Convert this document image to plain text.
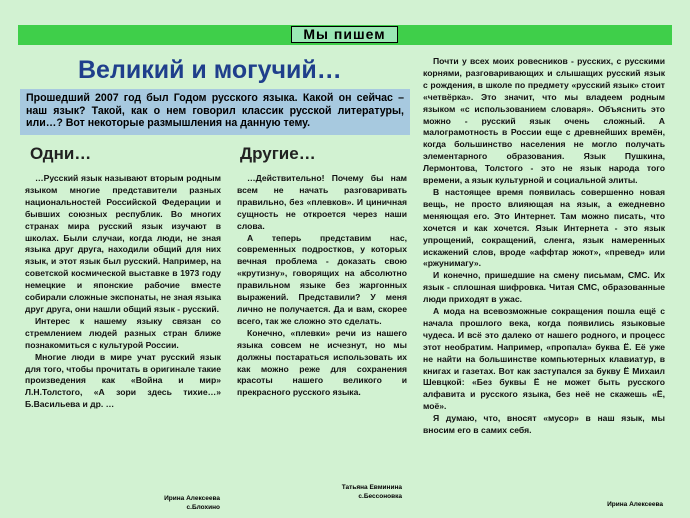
Мы пишем
Великий и могучий…
Прошедший 2007 год был Годом русского языка. Какой он сейчас – наш язык? Такой, как о нем говорил классик русской литературы, или…? Вот некоторые размышления на данную тему.
Одни…	Другие…

…Русский язык называют вторым родным языком многие представители разных национальностей Российской Федерации и бывших союзных республик. Во многих странах мира русский язык изучают в школах. Были случаи, когда люди, не зная языка друг друга, находили общий для них язык, и этот язык был русский. Например, на советской космической выставке в 1973 году немецкие и японские рабочие вместе собирали сложные экспонаты, не зная языка друг друга, они нашли общий язык - русский.

Интерес к нашему языку связан со стремлением людей разных стран ближе познакомиться с культурой России.

Многие люди в мире учат русский язык для того, чтобы прочитать в оригинале такие произведения как «Война и мир» Л.Н.Толстого, «А зори здесь тихие…» Б.Васильева и др. …

Ирина Алексеева
с.Блохино

…Действительно! Почему бы нам всем не начать разговаривать правильно, без «плевков». И циничная сущность не откроется через наши слова.

А теперь представим нас, современных подростков, у которых вечная проблема - доказать свою «крутизну», говорящих на абсолютно правильном языке без жаргонных выражений. Представили? У меня лично не получается. Да и вам, скорее всего, так же сложно это сделать.

Конечно, «плевки» речи из нашего языка совсем не исчезнут, но мы должны постараться использовать их как можно реже для сохранения красоты нашего великого и прекрасного русского языка.

Татьяна Евминина
с.Бессоновка

Почти у всех моих ровесников - русских, с русскими корнями, разговаривающих и слышащих русский язык с рождения, в школе по предмету «русский язык» стоит «четвёрка». Это значит, что мы владеем родным языком «с использованием словаря». Объяснить это можно - русский язык очень сложный. А малограмотность в России еще с древнейших времён, когда большинство населения не могло получать элементарного образования. Язык Пушкина, Лермонтова, Толстого - это не язык народа того времени, а язык культурной и социальной элиты.

В настоящее время появилась совершенно новая вещь, не просто влияющая на язык, а ежедневно меняющая его. Это Интернет. Там можно писать, что хочется и как хочется. Язык Интернета - это язык упрощений, сокращений, сленга, язык намеренных искажений слов, вроде «аффтар жжот», «превед» или «ржунимагу».

И конечно, пришедшие на смену письмам, СМС. Их язык - сплошная шифровка. Читая СМС, образованные люди приходят в ужас.

А мода на всевозможные сокращения пошла ещё с начала прошлого века, когда появились языковые чудеса. И всё это далеко от нашего родного, и процесс этот необратим. Например, «пропала» буква Ё. Её уже не найти на большинстве компьютерных клавиатур, в книгах и газетах. Вот как заступался за букву Ё Михаил Шевцкой: «Без буквы Ё не может быть русского алфавита и русского языка, без неё не скажешь «Ё, моё».

Я думаю, что, вносят «мусор» в наш язык, мы вносим его в самих себя.

Ирина Алексеева
